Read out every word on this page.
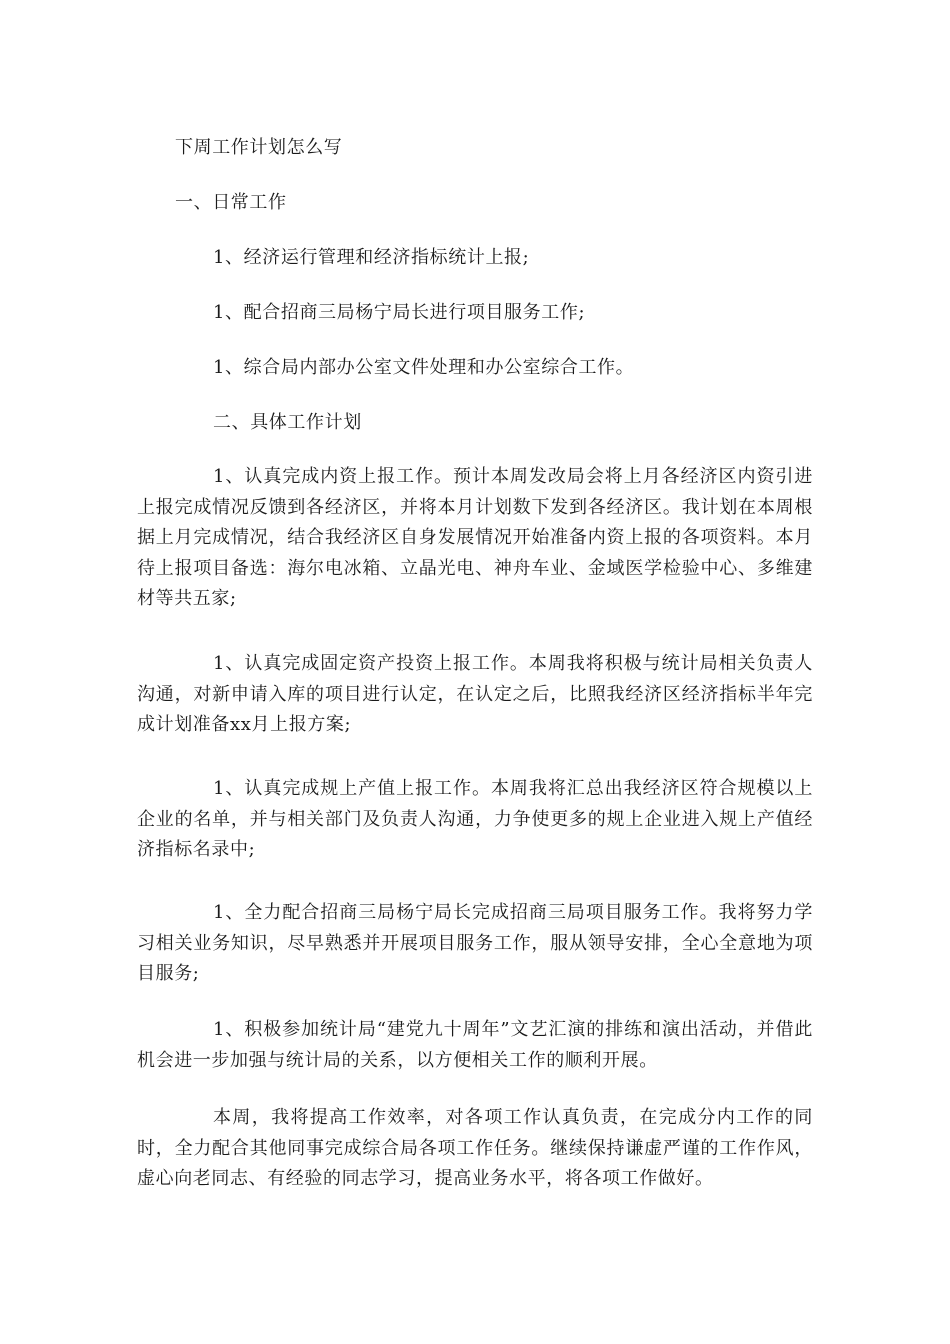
下周工作计划怎么写
一、日常工作
1、经济运行管理和经济指标统计上报;
1、配合招商三局杨宁局长进行项目服务工作;
1、综合局内部办公室文件处理和办公室综合工作。
二、具体工作计划
1、认真完成内资上报工作。预计本周发改局会将上月各经济区内资引进上报完成情况反馈到各经济区，并将本月计划数下发到各经济区。我计划在本周根据上月完成情况，结合我经济区自身发展情况开始准备内资上报的各项资料。本月待上报项目备选：海尔电冰箱、立晶光电、神舟车业、金域医学检验中心、多维建材等共五家;
1、认真完成固定资产投资上报工作。本周我将积极与统计局相关负责人沟通，对新申请入库的项目进行认定，在认定之后，比照我经济区经济指标半年完成计划准备xx月上报方案;
1、认真完成规上产值上报工作。本周我将汇总出我经济区符合规模以上企业的名单，并与相关部门及负责人沟通，力争使更多的规上企业进入规上产值经济指标名录中;
1、全力配合招商三局杨宁局长完成招商三局项目服务工作。我将努力学习相关业务知识，尽早熟悉并开展项目服务工作，服从领导安排，全心全意地为项目服务;
1、积极参加统计局“建党九十周年”文艺汇演的排练和演出活动，并借此机会进一步加强与统计局的关系，以方便相关工作的顺利开展。
本周，我将提高工作效率，对各项工作认真负责，在完成分内工作的同时，全力配合其他同事完成综合局各项工作任务。继续保持谦虚严谨的工作作风，虚心向老同志、有经验的同志学习，提高业务水平，将各项工作做好。
